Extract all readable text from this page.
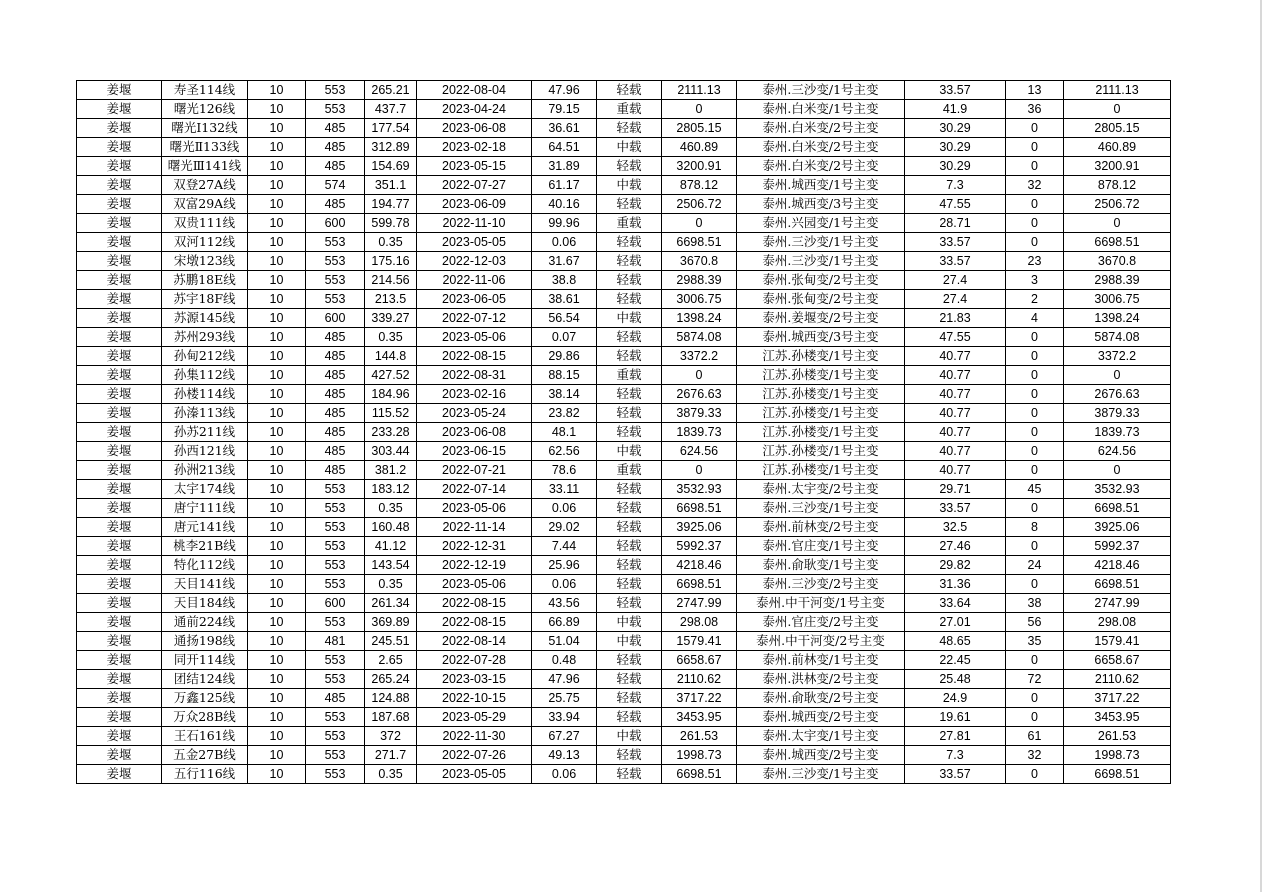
姜堰	寿圣114线	10	553	265.21	2022-08-04	47.96	轻载	2111.13	泰州.三沙变/1号主变	33.57	13	2111.13
姜堰	曙光126线	10	553	437.7	2023-04-24	79.15	重载	0	泰州.白米变/1号主变	41.9	36	0
姜堰	曙光Ⅰ132线	10	485	177.54	2023-06-08	36.61	轻载	2805.15	泰州.白米变/2号主变	30.29	0	2805.15
姜堰	曙光Ⅱ133线	10	485	312.89	2023-02-18	64.51	中载	460.89	泰州.白米变/2号主变	30.29	0	460.89
姜堰	曙光Ⅲ141线	10	485	154.69	2023-05-15	31.89	轻载	3200.91	泰州.白米变/2号主变	30.29	0	3200.91
姜堰	双登27A线	10	574	351.1	2022-07-27	61.17	中载	878.12	泰州.城西变/1号主变	7.3	32	878.12
姜堰	双富29A线	10	485	194.77	2023-06-09	40.16	轻载	2506.72	泰州.城西变/3号主变	47.55	0	2506.72
姜堰	双贵111线	10	600	599.78	2022-11-10	99.96	重载	0	泰州.兴园变/1号主变	28.71	0	0
姜堰	双河112线	10	553	0.35	2023-05-05	0.06	轻载	6698.51	泰州.三沙变/1号主变	33.57	0	6698.51
姜堰	宋墩123线	10	553	175.16	2022-12-03	31.67	轻载	3670.8	泰州.三沙变/1号主变	33.57	23	3670.8
姜堰	苏鹏18E线	10	553	214.56	2022-11-06	38.8	轻载	2988.39	泰州.张甸变/2号主变	27.4	3	2988.39
姜堰	苏宇18F线	10	553	213.5	2023-06-05	38.61	轻载	3006.75	泰州.张甸变/2号主变	27.4	2	3006.75
姜堰	苏源145线	10	600	339.27	2022-07-12	56.54	中载	1398.24	泰州.姜堰变/2号主变	21.83	4	1398.24
姜堰	苏州293线	10	485	0.35	2023-05-06	0.07	轻载	5874.08	泰州.城西变/3号主变	47.55	0	5874.08
姜堰	孙甸212线	10	485	144.8	2022-08-15	29.86	轻载	3372.2	江苏.孙楼变/1号主变	40.77	0	3372.2
姜堰	孙集112线	10	485	427.52	2022-08-31	88.15	重载	0	江苏.孙楼变/1号主变	40.77	0	0
姜堰	孙楼114线	10	485	184.96	2023-02-16	38.14	轻载	2676.63	江苏.孙楼变/1号主变	40.77	0	2676.63
姜堰	孙溱113线	10	485	115.52	2023-05-24	23.82	轻载	3879.33	江苏.孙楼变/1号主变	40.77	0	3879.33
姜堰	孙苏211线	10	485	233.28	2023-06-08	48.1	轻载	1839.73	江苏.孙楼变/1号主变	40.77	0	1839.73
姜堰	孙西121线	10	485	303.44	2023-06-15	62.56	中载	624.56	江苏.孙楼变/1号主变	40.77	0	624.56
姜堰	孙洲213线	10	485	381.2	2022-07-21	78.6	重载	0	江苏.孙楼变/1号主变	40.77	0	0
姜堰	太宇174线	10	553	183.12	2022-07-14	33.11	轻载	3532.93	泰州.太宇变/2号主变	29.71	45	3532.93
姜堰	唐宁111线	10	553	0.35	2023-05-06	0.06	轻载	6698.51	泰州.三沙变/1号主变	33.57	0	6698.51
姜堰	唐元141线	10	553	160.48	2022-11-14	29.02	轻载	3925.06	泰州.前林变/2号主变	32.5	8	3925.06
姜堰	桃李21B线	10	553	41.12	2022-12-31	7.44	轻载	5992.37	泰州.官庄变/1号主变	27.46	0	5992.37
姜堰	特化112线	10	553	143.54	2022-12-19	25.96	轻载	4218.46	泰州.俞耿变/1号主变	29.82	24	4218.46
姜堰	天目141线	10	553	0.35	2023-05-06	0.06	轻载	6698.51	泰州.三沙变/2号主变	31.36	0	6698.51
姜堰	天目184线	10	600	261.34	2022-08-15	43.56	轻载	2747.99	泰州.中干河变/1号主变	33.64	38	2747.99
姜堰	通前224线	10	553	369.89	2022-08-15	66.89	中载	298.08	泰州.官庄变/2号主变	27.01	56	298.08
姜堰	通扬198线	10	481	245.51	2022-08-14	51.04	中载	1579.41	泰州.中干河变/2号主变	48.65	35	1579.41
姜堰	同开114线	10	553	2.65	2022-07-28	0.48	轻载	6658.67	泰州.前林变/1号主变	22.45	0	6658.67
姜堰	团结124线	10	553	265.24	2023-03-15	47.96	轻载	2110.62	泰州.洪林变/2号主变	25.48	72	2110.62
姜堰	万鑫125线	10	485	124.88	2022-10-15	25.75	轻载	3717.22	泰州.俞耿变/2号主变	24.9	0	3717.22
姜堰	万众28B线	10	553	187.68	2023-05-29	33.94	轻载	3453.95	泰州.城西变/2号主变	19.61	0	3453.95
姜堰	王石161线	10	553	372	2022-11-30	67.27	中载	261.53	泰州.太宇变/1号主变	27.81	61	261.53
姜堰	五金27B线	10	553	271.7	2022-07-26	49.13	轻载	1998.73	泰州.城西变/2号主变	7.3	32	1998.73
姜堰	五行116线	10	553	0.35	2023-05-05	0.06	轻载	6698.51	泰州.三沙变/1号主变	33.57	0	6698.51
